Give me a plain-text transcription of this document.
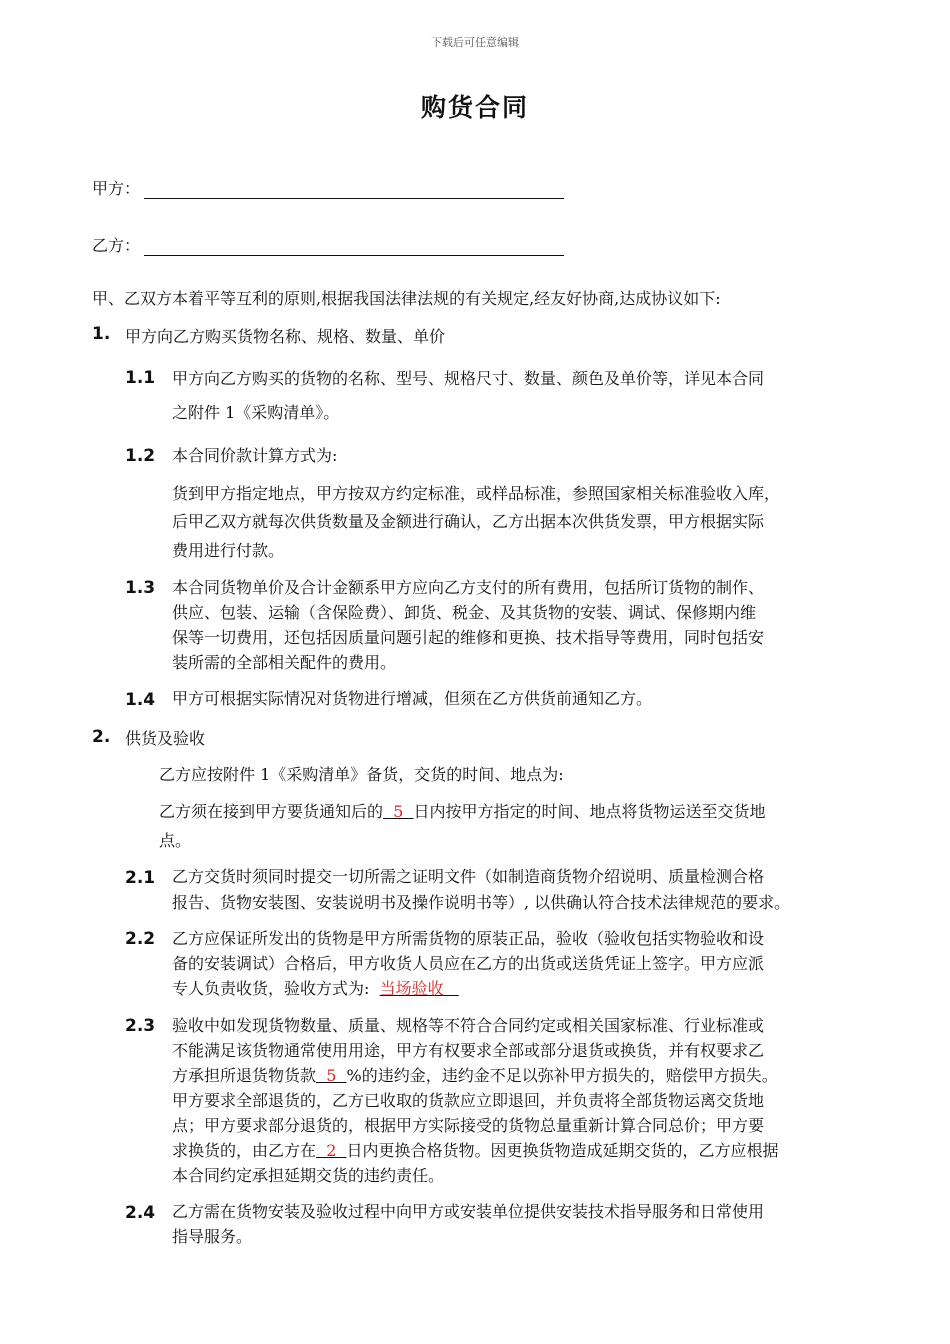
下载后可任意编辑
购货合同
甲方：
乙方：
甲、乙双方本着平等互利的原则,根据我国法律法规的有关规定,经友好协商,达成协议如下:
1. 甲方向乙方购买货物名称、规格、数量、单价
1.1 甲方向乙方购买的货物的名称、型号、规格尺寸、数量、颜色及单价等，详见本合同
之附件 1《采购清单》。
1.2 本合同价款计算方式为:
货到甲方指定地点，甲方按双方约定标准，或样品标准，参照国家相关标准验收入库，
后甲乙双方就每次供货数量及金额进行确认，乙方出据本次供货发票，甲方根据实际
费用进行付款。
1.3 本合同货物单价及合计金额系甲方应向乙方支付的所有费用，包括所订货物的制作、
供应、包装、运输（含保险费）、卸货、税金、及其货物的安装、调试、保修期内维
保等一切费用，还包括因质量问题引起的维修和更换、技术指导等费用，同时包括安
装所需的全部相关配件的费用。
1.4 甲方可根据实际情况对货物进行增减，但须在乙方供货前通知乙方。
2. 供货及验收
乙方应按附件 1《采购清单》备货，交货的时间、地点为:
乙方须在接到甲方要货通知后的  5  日内按甲方指定的时间、地点将货物运送至交货地
点。
2.1 乙方交货时须同时提交一切所需之证明文件（如制造商货物介绍说明、质量检测合格
报告、货物安装图、安装说明书及操作说明书等）, 以供确认符合技术法律规范的要求。
2.2 乙方应保证所发出的货物是甲方所需货物的原装正品，验收（验收包括实物验收和设
备的安装调试）合格后，甲方收货人员应在乙方的出货或送货凭证上签字。甲方应派
专人负责收货，验收方式为:  当场验收
2.3 验收中如发现货物数量、质量、规格等不符合合同约定或相关国家标准、行业标准或
不能满足该货物通常使用用途，甲方有权要求全部或部分退货或换货，并有权要求乙
方承担所退货物货款  5  %的违约金，违约金不足以弥补甲方损失的，赔偿甲方损失。
甲方要求全部退货的，乙方已收取的货款应立即退回，并负责将全部货物运离交货地
点；甲方要求部分退货的，根据甲方实际接受的货物总量重新计算合同总价；甲方要
求换货的，由乙方在  2  日内更换合格货物。因更换货物造成延期交货的，乙方应根据
本合同约定承担延期交货的违约责任。
2.4 乙方需在货物安装及验收过程中向甲方或安装单位提供安装技术指导服务和日常使用
指导服务。
